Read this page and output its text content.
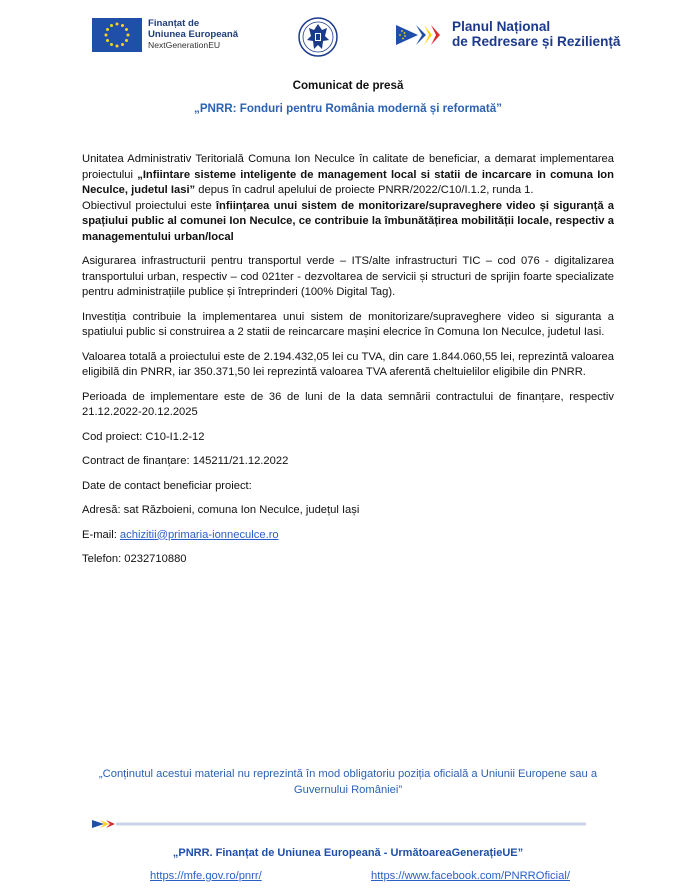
Finanțat de
Uniunea Europeană
NextGenerationEU
Planul Național
de Redresare și Reziliență
Comunicat de presă
„PNRR: Fonduri pentru România modernă și reformată”

Unitatea Administrativ Teritorială Comuna Ion Neculce în calitate de beneficiar, a demarat implementarea proiectului „Infiintare sisteme inteligente de management local si statii de incarcare in comuna Ion Neculce, judetul Iasi” depus în cadrul apelului de proiecte PNRR/2022/C10/I.1.2, runda 1.

Obiectivul proiectului este înființarea unui sistem de monitorizare/supraveghere video și siguranță a spațiului public al comunei Ion Neculce, ce contribuie la îmbunătățirea mobilității locale, respectiv a managementului urban/local

Asigurarea infrastructurii pentru transportul verde – ITS/alte infrastructuri TIC – cod 076 - digitalizarea transportului urban, respectiv – cod 021ter - dezvoltarea de servicii și structuri de sprijin foarte specializate pentru administrațiile publice și întreprinderi (100% Digital Tag).

Investiția contribuie la implementarea unui sistem de monitorizare/supraveghere video si siguranta a spatiului public si construirea a 2 statii de reincarcare mașini elecrice în Comuna Ion Neculce, judetul Iasi.

Valoarea totală a proiectului este de 2.194.432,05 lei cu TVA, din care 1.844.060,55 lei, reprezintă valoarea eligibilă din PNRR, iar 350.371,50 lei reprezintă valoarea TVA aferentă cheltuielilor eligibile din PNRR.

Perioada de implementare este de 36 de luni de la data semnării contractului de finanțare, respectiv 21.12.2022-20.12.2025

Cod proiect: C10-I1.2-12

Contract de finanțare: 145211/21.12.2022

Date de contact beneficiar proiect:

Adresă: sat Războieni, comuna Ion Neculce, județul Iași

E-mail: achizitii@primaria-ionneculce.ro

Telefon: 0232710880

„Conținutul acestui material nu reprezintă în mod obligatoriu poziția oficială a Uniunii Europene sau a Guvernului României”
„PNRR. Finanțat de Uniunea Europeană - UrmătoareaGenerațieUE”
https://mfe.gov.ro/pnrr/	https://www.facebook.com/PNRROficial/
